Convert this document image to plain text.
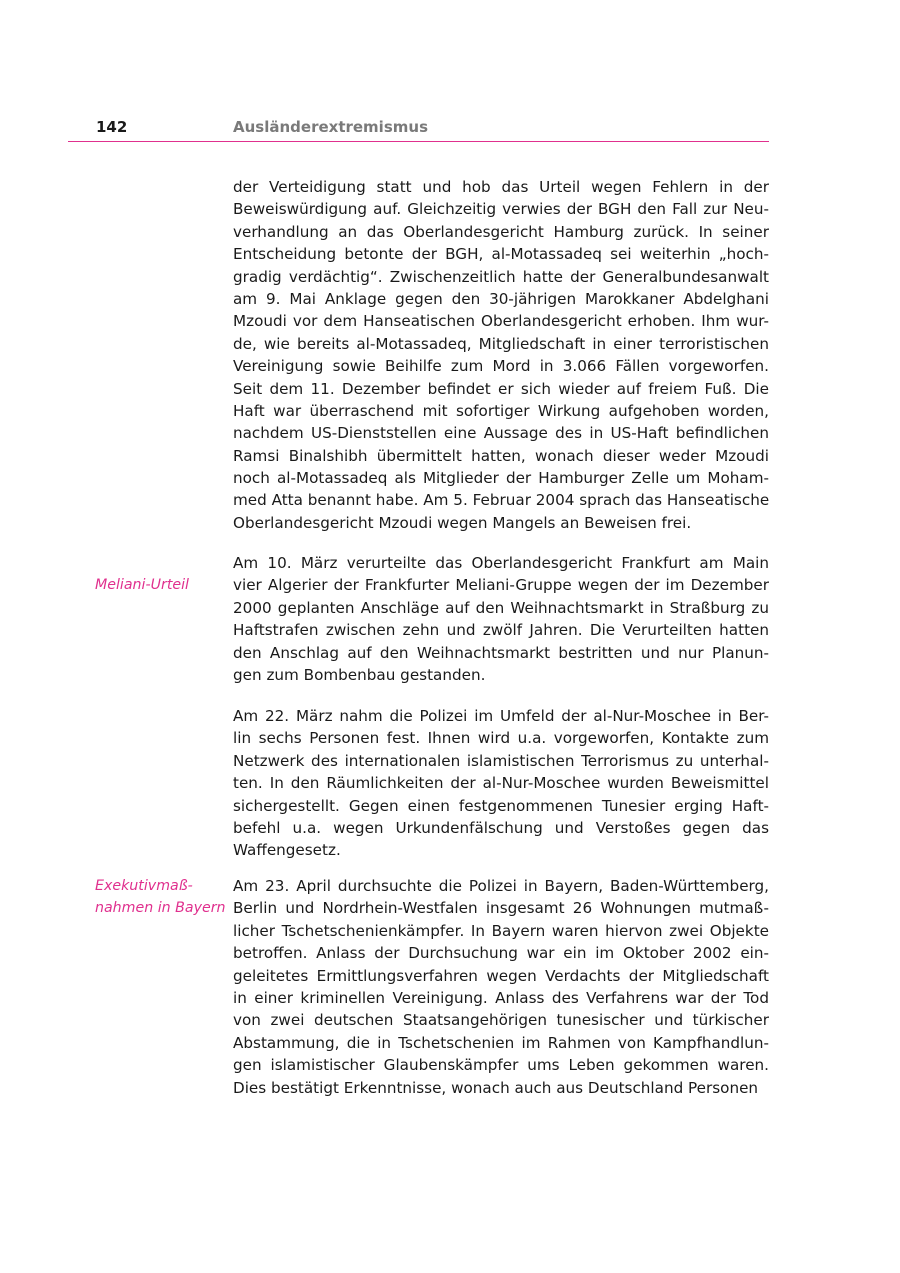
142	Ausländerextremismus
Meliani-Urteil
Exekutivmaß-
nahmen in Bayern
der Verteidigung statt und hob das Urteil wegen Fehlern in der
Beweiswürdigung auf. Gleichzeitig verwies der BGH den Fall zur Neu-
verhandlung an das Oberlandesgericht Hamburg zurück. In seiner
Entscheidung betonte der BGH, al-Motassadeq sei weiterhin „hoch-
gradig verdächtig“. Zwischenzeitlich hatte der Generalbundesanwalt
am 9. Mai Anklage gegen den 30-jährigen Marokkaner Abdelghani
Mzoudi vor dem Hanseatischen Oberlandesgericht erhoben. Ihm wur-
de, wie bereits al-Motassadeq, Mitgliedschaft in einer terroristischen
Vereinigung sowie Beihilfe zum Mord in 3.066 Fällen vorgeworfen.
Seit dem 11. Dezember befindet er sich wieder auf freiem Fuß. Die
Haft war überraschend mit sofortiger Wirkung aufgehoben worden,
nachdem US-Dienststellen eine Aussage des in US-Haft befindlichen
Ramsi Binalshibh übermittelt hatten, wonach dieser weder Mzoudi
noch al-Motassadeq als Mitglieder der Hamburger Zelle um Moham-
med Atta benannt habe. Am 5. Februar 2004 sprach das Hanseatische
Oberlandesgericht Mzoudi wegen Mangels an Beweisen frei.
Am 10. März verurteilte das Oberlandesgericht Frankfurt am Main
vier Algerier der Frankfurter Meliani-Gruppe wegen der im Dezember
2000 geplanten Anschläge auf den Weihnachtsmarkt in Straßburg zu
Haftstrafen zwischen zehn und zwölf Jahren. Die Verurteilten hatten
den Anschlag auf den Weihnachtsmarkt bestritten und nur Planun-
gen zum Bombenbau gestanden.
Am 22. März nahm die Polizei im Umfeld der al-Nur-Moschee in Ber-
lin sechs Personen fest. Ihnen wird u.a. vorgeworfen, Kontakte zum
Netzwerk des internationalen islamistischen Terrorismus zu unterhal-
ten. In den Räumlichkeiten der al-Nur-Moschee wurden Beweismittel
sichergestellt. Gegen einen festgenommenen Tunesier erging Haft-
befehl u.a. wegen Urkundenfälschung und Verstoßes gegen das
Waffengesetz.
Am 23. April durchsuchte die Polizei in Bayern, Baden-Württemberg,
Berlin und Nordrhein-Westfalen insgesamt 26 Wohnungen mutmaß-
licher Tschetschenienkämpfer. In Bayern waren hiervon zwei Objekte
betroffen. Anlass der Durchsuchung war ein im Oktober 2002 ein-
geleitetes Ermittlungsverfahren wegen Verdachts der Mitgliedschaft
in einer kriminellen Vereinigung. Anlass des Verfahrens war der Tod
von zwei deutschen Staatsangehörigen tunesischer und türkischer
Abstammung, die in Tschetschenien im Rahmen von Kampfhandlun-
gen islamistischer Glaubenskämpfer ums Leben gekommen waren.
Dies bestätigt Erkenntnisse, wonach auch aus Deutschland Personen
